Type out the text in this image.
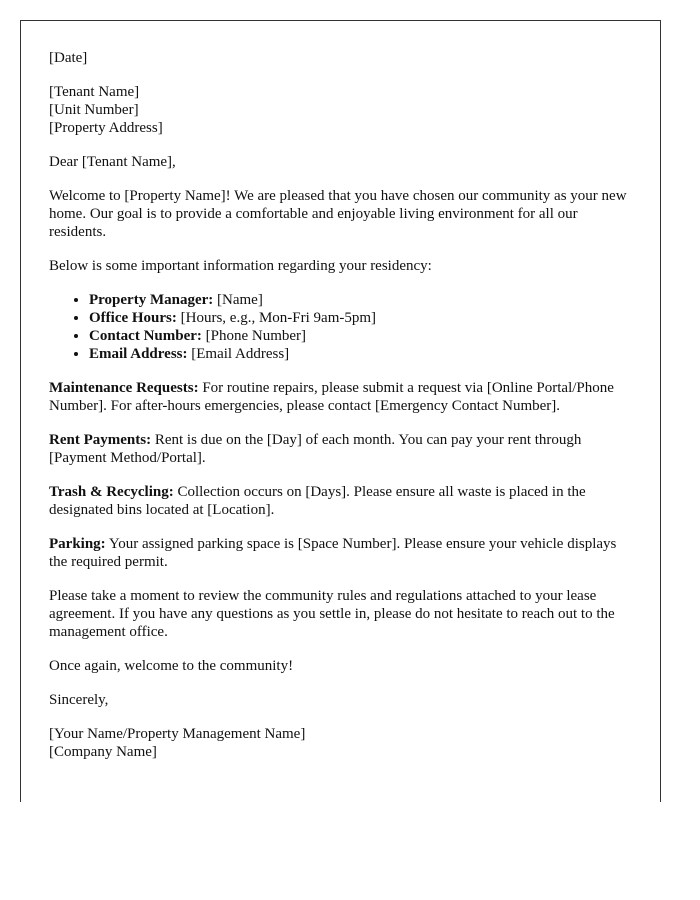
[Date]

[Tenant Name]
[Unit Number]
[Property Address]

Dear [Tenant Name],

Welcome to [Property Name]! We are pleased that you have chosen our community as your new home. Our goal is to provide a comfortable and enjoyable living environment for all our residents.

Below is some important information regarding your residency:

• Property Manager: [Name]
• Office Hours: [Hours, e.g., Mon-Fri 9am-5pm]
• Contact Number: [Phone Number]
• Email Address: [Email Address]

Maintenance Requests: For routine repairs, please submit a request via [Online Portal/Phone Number]. For after-hours emergencies, please contact [Emergency Contact Number].

Rent Payments: Rent is due on the [Day] of each month. You can pay your rent through [Payment Method/Portal].

Trash & Recycling: Collection occurs on [Days]. Please ensure all waste is placed in the designated bins located at [Location].

Parking: Your assigned parking space is [Space Number]. Please ensure your vehicle displays the required permit.

Please take a moment to review the community rules and regulations attached to your lease agreement. If you have any questions as you settle in, please do not hesitate to reach out to the management office.

Once again, welcome to the community!

Sincerely,

[Your Name/Property Management Name]
[Company Name]
